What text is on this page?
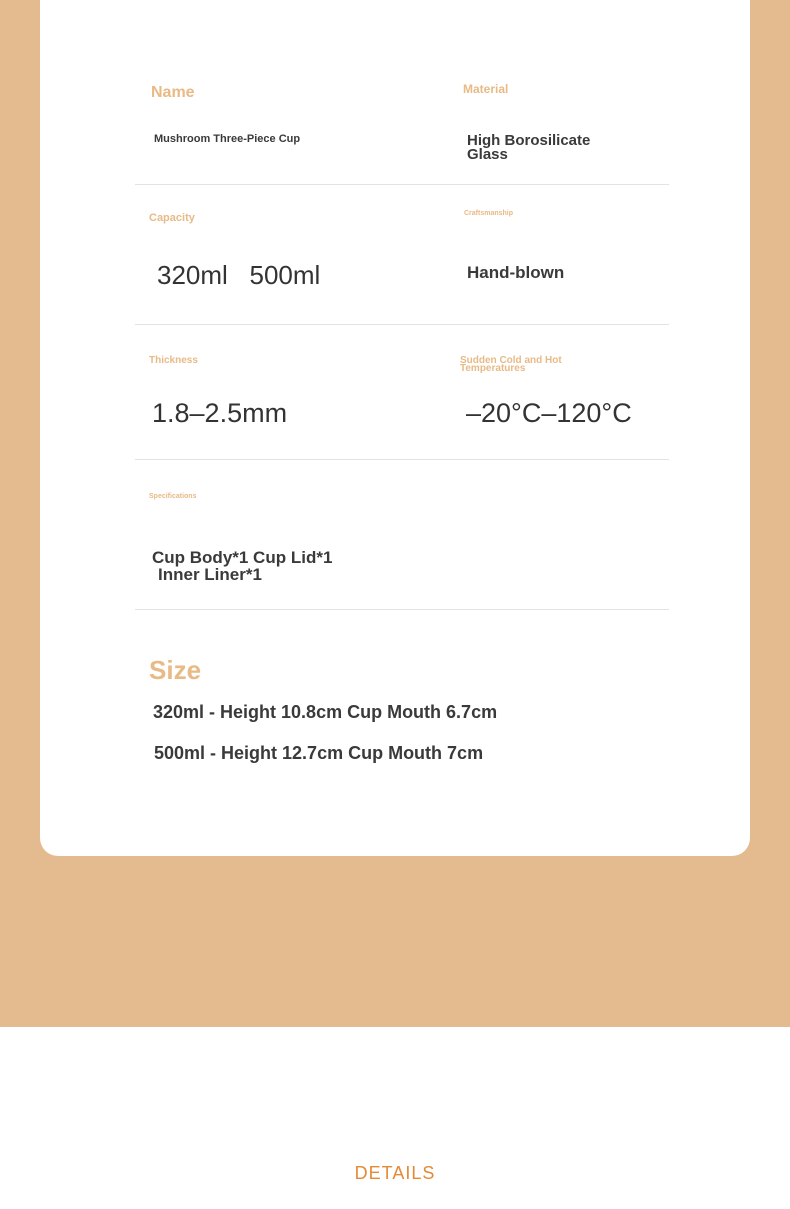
Name
Mushroom Three-Piece Cup
Material
High Borosilicate Glass
Capacity
320ml   500ml
Craftsmanship
Hand-blown
Thickness
1.8–2.5mm
Sudden Cold and Hot Temperatures
–20°C–120°C
Specifications
Cup Body*1 Cup Lid*1
Inner Liner*1
Size
320ml - Height 10.8cm Cup Mouth 6.7cm
500ml - Height 12.7cm Cup Mouth 7cm
DETAILS
